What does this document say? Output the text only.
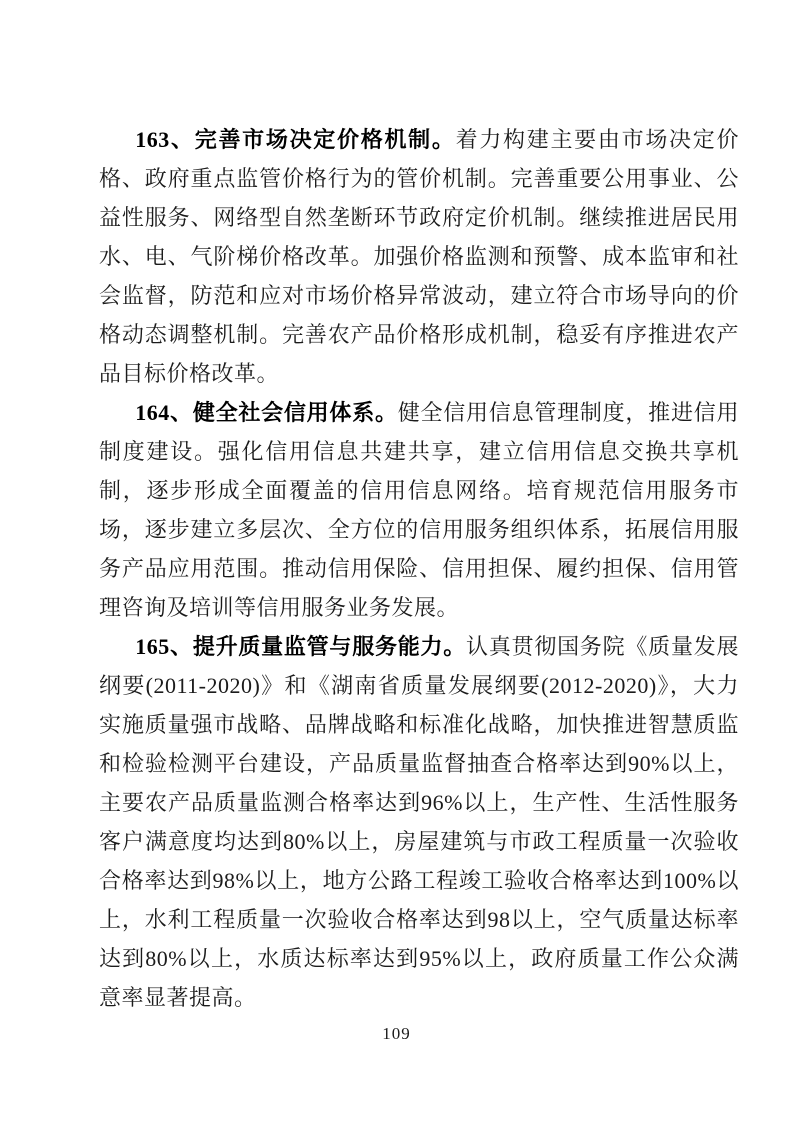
163、完善市场决定价格机制。着力构建主要由市场决定价格、政府重点监管价格行为的管价机制。完善重要公用事业、公益性服务、网络型自然垄断环节政府定价机制。继续推进居民用水、电、气阶梯价格改革。加强价格监测和预警、成本监审和社会监督，防范和应对市场价格异常波动，建立符合市场导向的价格动态调整机制。完善农产品价格形成机制，稳妥有序推进农产品目标价格改革。

164、健全社会信用体系。健全信用信息管理制度，推进信用制度建设。强化信用信息共建共享，建立信用信息交换共享机制，逐步形成全面覆盖的信用信息网络。培育规范信用服务市场，逐步建立多层次、全方位的信用服务组织体系，拓展信用服务产品应用范围。推动信用保险、信用担保、履约担保、信用管理咨询及培训等信用服务业务发展。

165、提升质量监管与服务能力。认真贯彻国务院《质量发展纲要(2011-2020)》和《湖南省质量发展纲要(2012-2020)》，大力实施质量强市战略、品牌战略和标准化战略，加快推进智慧质监和检验检测平台建设，产品质量监督抽查合格率达到90%以上，主要农产品质量监测合格率达到96%以上，生产性、生活性服务客户满意度均达到80%以上，房屋建筑与市政工程质量一次验收合格率达到98%以上，地方公路工程竣工验收合格率达到100%以上，水利工程质量一次验收合格率达到98以上，空气质量达标率达到80%以上，水质达标率达到95%以上，政府质量工作公众满意率显著提高。

109
